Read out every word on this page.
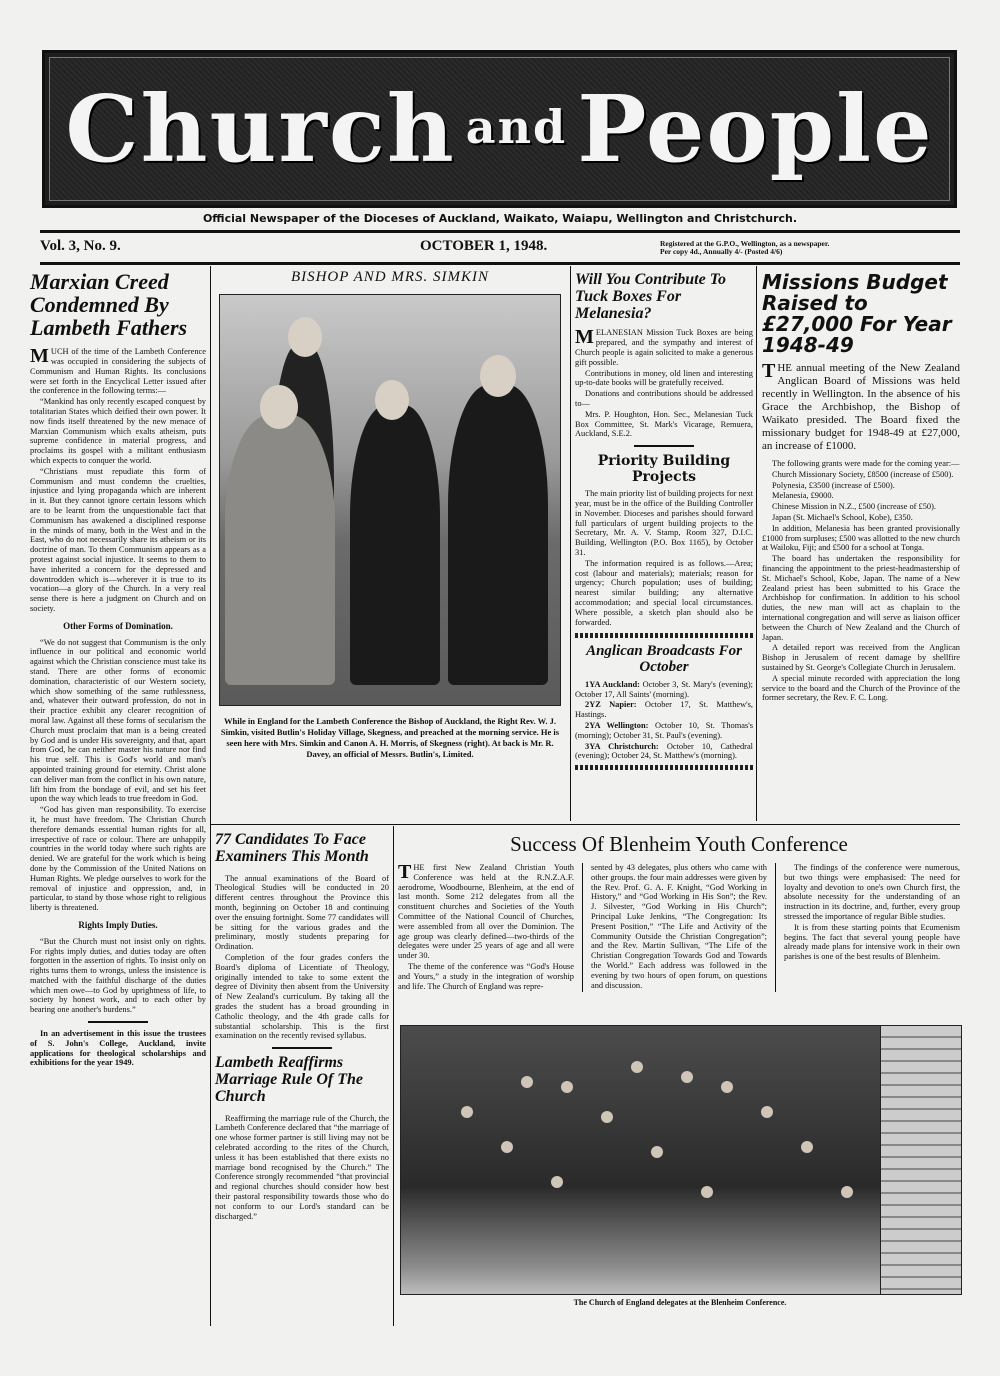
Church and People
Official Newspaper of the Dioceses of Auckland, Waikato, Waiapu, Wellington and Christchurch.
Vol. 3, No. 9.	OCTOBER 1, 1948.	Registered at the G.P.O., Wellington, as a newspaper.
Per copy 4d., Annually 4/- (Posted 4/6)
Marxian Creed Condemned By Lambeth Fathers

MUCH of the time of the Lambeth Conference was occupied in considering the subjects of Communism and Human Rights. Its conclusions were set forth in the Encyclical Letter issued after the conference in the following terms:—

“Mankind has only recently escaped conquest by totalitarian States which deified their own power. It now finds itself threatened by the new menace of Marxian Communism which exalts atheism, puts supreme confidence in material progress, and proclaims its gospel with a militant enthusiasm which expects to conquer the world.

“Christians must repudiate this form of Communism and must condemn the cruelties, injustice and lying propaganda which are inherent in it. But they cannot ignore certain lessons which are to be learnt from the unquestionable fact that Communism has awakened a disciplined response in the minds of many, both in the West and in the East, who do not necessarily share its atheism or its doctrine of man. To them Communism appears as a protest against social injustice. It seems to them to have inherited a concern for the depressed and downtrodden which is—wherever it is true to its vocation—a glory of the Church. In a very real sense there is here a judgment on Church and on society.

Other Forms of Domination.

“We do not suggest that Communism is the only influence in our political and economic world against which the Christian conscience must take its stand. There are other forms of economic domination, characteristic of our Western society, which show something of the same ruthlessness, and, whatever their outward profession, do not in their practice exhibit any clearer recognition of moral law. Against all these forms of secularism the Church must proclaim that man is a being created by God and is under His sovereignty, and that, apart from God, he can neither master his nature nor find his true self. This is God's world and man's appointed training ground for eternity. Christ alone can deliver man from the conflict in his own nature, lift him from the bondage of evil, and set his feet upon the way which leads to true freedom in God.

“God has given man responsibility. To exercise it, he must have freedom. The Christian Church therefore demands essential human rights for all, irrespective of race or colour. There are unhappily countries in the world today where such rights are denied. We are grateful for the work which is being done by the Commission of the United Nations on Human Rights. We pledge ourselves to work for the removal of injustice and oppression, and, in particular, to stand by those whose right to religious liberty is threatened.

Rights Imply Duties.

“But the Church must not insist only on rights. For rights imply duties, and duties today are often forgotten in the assertion of rights. To insist only on rights turns them to wrongs, unless the insistence is matched with the faithful discharge of the duties which men owe—to God by uprightness of life, to society by honest work, and to each other by bearing one another's burdens.”

In an advertisement in this issue the trustees of S. John's College, Auckland, invite applications for theological scholarships and exhibitions for the year 1949.

BISHOP AND MRS. SIMKIN
While in England for the Lambeth Conference the Bishop of Auckland, the Right Rev. W. J. Simkin, visited Butlin's Holiday Village, Skegness, and preached at the morning service. He is seen here with Mrs. Simkin and Canon A. H. Morris, of Skegness (right). At back is Mr. R. Davey, an official of Messrs. Butlin's, Limited.
Will You Contribute To Tuck Boxes For Melanesia?

MELANESIAN Mission Tuck Boxes are being prepared, and the sympathy and interest of Church people is again solicited to make a generous gift possible.

Contributions in money, old linen and interesting up-to-date books will be gratefully received.

Donations and contributions should be addressed to—

Mrs. P. Houghton, Hon. Sec., Melanesian Tuck Box Committee, St. Mark's Vicarage, Remuera, Auckland, S.E.2.

Priority Building Projects

The main priority list of building projects for next year, must be in the office of the Building Controller in November. Dioceses and parishes should forward full particulars of urgent building projects to the Secretary, Mr. A. V. Stamp, Room 327, D.I.C. Building, Wellington (P.O. Box 1165), by October 31.

The information required is as follows.—Area; cost (labour and materials); materials; reason for urgency; Church population; uses of building; nearest similar building; any alternative accommodation; and special local circumstances. Where possible, a sketch plan should also be forwarded.

Anglican Broadcasts For October

1YA Auckland: October 3, St. Mary's (evening); October 17, All Saints' (morning).

2YZ Napier: October 17, St. Matthew's, Hastings.

2YA Wellington: October 10, St. Thomas's (morning); October 31, St. Paul's (evening).

3YA Christchurch: October 10, Cathedral (evening); October 24, St. Matthew's (morning).

Missions Budget Raised to £27,000 For Year 1948-49
THE annual meeting of the New Zealand Anglican Board of Missions was held recently in Wellington. In the absence of his Grace the Archbishop, the Bishop of Waikato presided. The Board fixed the missionary budget for 1948-49 at £27,000, an increase of £1000.

The following grants were made for the coming year:—

Church Missionary Society, £8500 (increase of £500).

Polynesia, £3500 (increase of £500).

Melanesia, £9000.

Chinese Mission in N.Z., £500 (increase of £50).

Japan (St. Michael's School, Kobe), £350.

In addition, Melanesia has been granted provisionally £1000 from surpluses; £500 was allotted to the new church at Wailoku, Fiji; and £500 for a school at Tonga.

The board has undertaken the responsibility for financing the appointment to the priest-headmastership of St. Michael's School, Kobe, Japan. The name of a New Zealand priest has been submitted to his Grace the Archbishop for confirmation. In addition to his school duties, the new man will act as chaplain to the international congregation and will serve as liaison officer between the Church of New Zealand and the Church of Japan.

A detailed report was received from the Anglican Bishop in Jerusalem of recent damage by shellfire sustained by St. George's Collegiate Church in Jerusalem.

A special minute recorded with appreciation the long service to the board and the Church of the Province of the former secretary, the Rev. F. C. Long.

77 Candidates To Face Examiners This Month

The annual examinations of the Board of Theological Studies will be conducted in 20 different centres throughout the Province this month, beginning on October 18 and continuing over the ensuing fortnight. Some 77 candidates will be sitting for the various grades and the preliminary, mostly students preparing for Ordination.

Completion of the four grades confers the Board's diploma of Licentiate of Theology, originally intended to take to some extent the degree of Divinity then absent from the University of New Zealand's curriculum. By taking all the grades the student has a broad grounding in Catholic theology, and the 4th grade calls for substantial scholarship. This is the first examination on the recently revised syllabus.

Lambeth Reaffirms Marriage Rule Of The Church

Reaffirming the marriage rule of the Church, the Lambeth Conference declared that “the marriage of one whose former partner is still living may not be celebrated according to the rites of the Church, unless it has been established that there exists no marriage bond recognised by the Church.” The Conference strongly recommended “that provincial and regional churches should consider how best their pastoral responsibility towards those who do not conform to our Lord's standard can be discharged.”

Success Of Blenheim Youth Conference

THE first New Zealand Christian Youth Conference was held at the R.N.Z.A.F. aerodrome, Woodbourne, Blenheim, at the end of last month. Some 212 delegates from all the constituent churches and Societies of the Youth Committee of the National Council of Churches, were assembled from all over the Dominion. The age group was clearly defined—two-thirds of the delegates were under 25 years of age and all were under 30.

The theme of the conference was “God's House and Yours,” a study in the integration of worship and life. The Church of England was repre-

sented by 43 delegates, plus others who came with other groups. the four main addresses were given by the Rev. Prof. G. A. F. Knight, “God Working in History,” and “God Working in His Son”; the Rev. J. Silvester, “God Working in His Church”; Principal Luke Jenkins, “The Congregation: Its Present Position,” “The Life and Activity of the Community Outside the Christian Congregation”; and the Rev. Martin Sullivan, “The Life of the Christian Congregation Towards God and Towards the World.” Each address was followed in the evening by two hours of open forum, on questions and discussion.

The findings of the conference were numerous, but two things were emphasised: The need for loyalty and devotion to one's own Church first, the absolute necessity for the understanding of an instruction in its doctrine, and, further, every group stressed the importance of regular Bible studies.

It is from these starting points that Ecumenism begins. The fact that several young people have already made plans for intensive work in their own parishes is one of the best results of Blenheim.

The Church of England delegates at the Blenheim Conference.
